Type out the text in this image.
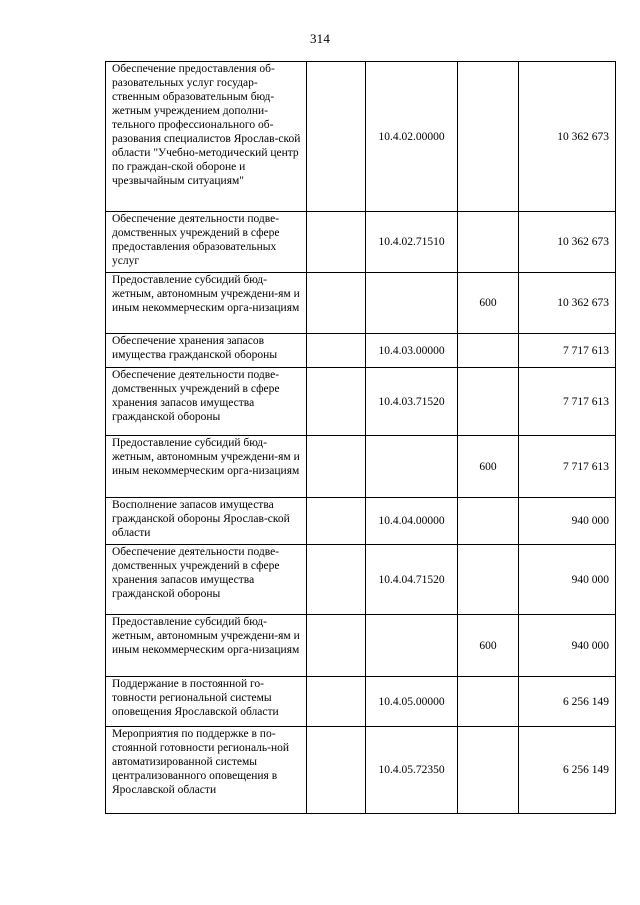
314
Обеспечение предоставления об-разовательных услуг государ-ственным образовательным бюд-жетным учреждением дополни-тельного профессионального об-разования специалистов Ярослав-ской области "Учебно-методический центр по граждан-ской обороне и чрезвычайным ситуациям"		10.4.02.00000		10 362 673
Обеспечение деятельности подве-домственных учреждений в сфере предоставления образовательных услуг		10.4.02.71510		10 362 673
Предоставление субсидий бюд-жетным, автономным учреждени-ям и иным некоммерческим орга-низациям			600	10 362 673
Обеспечение хранения запасов имущества гражданской обороны		10.4.03.00000		7 717 613
Обеспечение деятельности подве-домственных учреждений в сфере хранения запасов имущества гражданской обороны		10.4.03.71520		7 717 613
Предоставление субсидий бюд-жетным, автономным учреждени-ям и иным некоммерческим орга-низациям			600	7 717 613
Восполнение запасов имущества гражданской обороны Ярослав-ской области		10.4.04.00000		940 000
Обеспечение деятельности подве-домственных учреждений в сфере хранения запасов имущества гражданской обороны		10.4.04.71520		940 000
Предоставление субсидий бюд-жетным, автономным учреждени-ям и иным некоммерческим орга-низациям			600	940 000
Поддержание в постоянной го-товности региональной системы оповещения Ярославской области		10.4.05.00000		6 256 149
Мероприятия по поддержке в по-стоянной готовности региональ-ной автоматизированной системы централизованного оповещения в Ярославской области		10.4.05.72350		6 256 149
